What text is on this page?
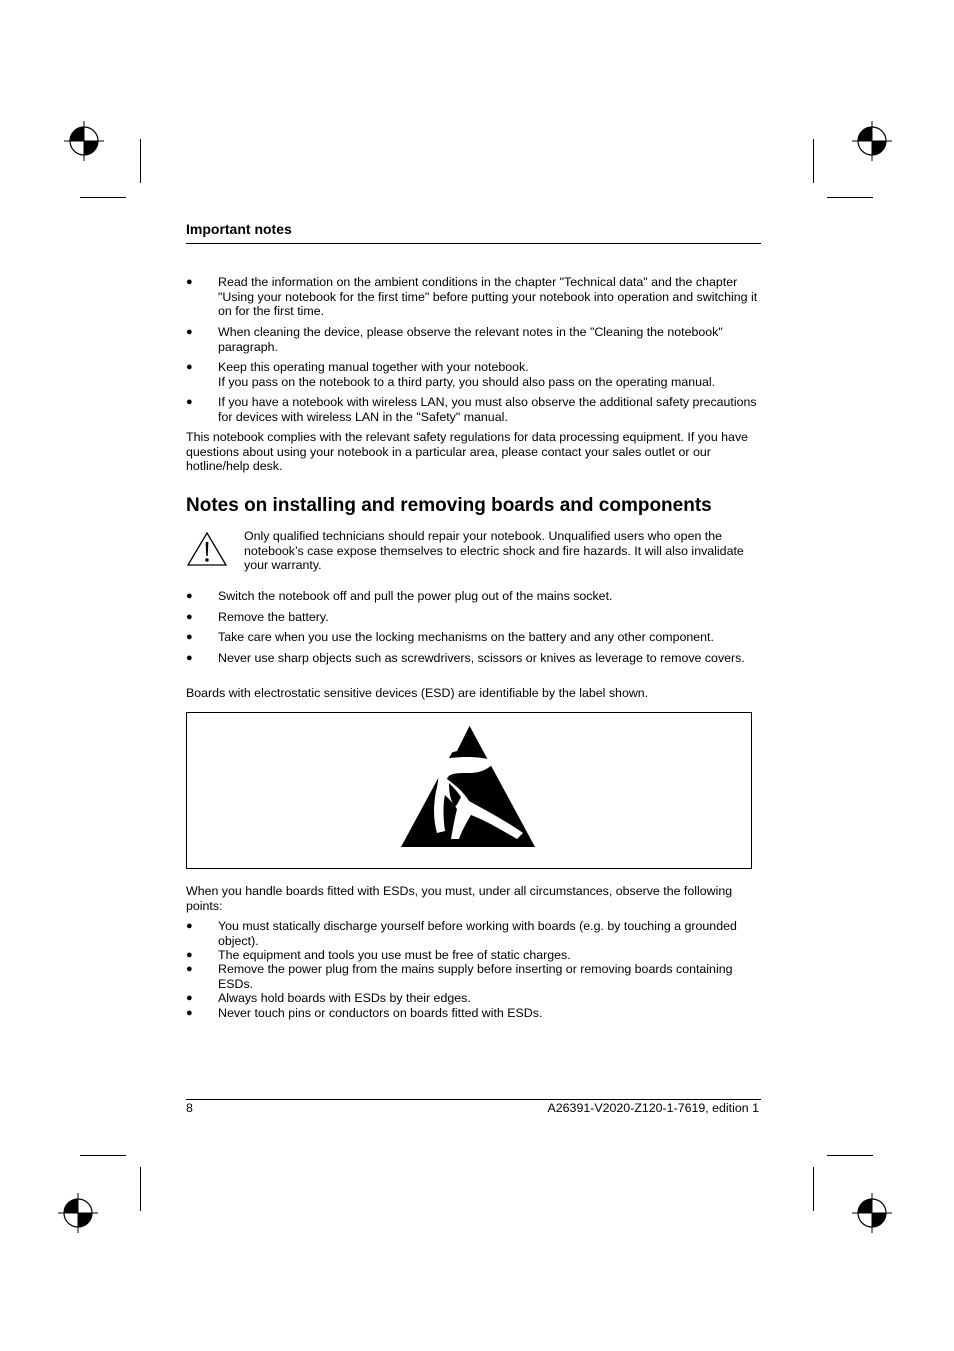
Important notes
● Read the information on the ambient conditions in the chapter "Technical data" and the chapter "Using your notebook for the first time" before putting your notebook into operation and switching it on for the first time.
● When cleaning the device, please observe the relevant notes in the "Cleaning the notebook" paragraph.
● Keep this operating manual together with your notebook.
If you pass on the notebook to a third party, you should also pass on the operating manual.
● If you have a notebook with wireless LAN, you must also observe the additional safety precautions for devices with wireless LAN in the "Safety" manual.
This notebook complies with the relevant safety regulations for data processing equipment. If you have questions about using your notebook in a particular area, please contact your sales outlet or our hotline/help desk.
Notes on installing and removing boards and components
Only qualified technicians should repair your notebook. Unqualified users who open the notebook’s case expose themselves to electric shock and fire hazards. It will also invalidate your warranty.
● Switch the notebook off and pull the power plug out of the mains socket.
● Remove the battery.
● Take care when you use the locking mechanisms on the battery and any other component.
● Never use sharp objects such as screwdrivers, scissors or knives as leverage to remove covers.
Boards with electrostatic sensitive devices (ESD) are identifiable by the label shown.
When you handle boards fitted with ESDs, you must, under all circumstances, observe the following points:
● You must statically discharge yourself before working with boards (e.g. by touching a grounded object).
● The equipment and tools you use must be free of static charges.
● Remove the power plug from the mains supply before inserting or removing boards containing ESDs.
● Always hold boards with ESDs by their edges.
● Never touch pins or conductors on boards fitted with ESDs.
8	A26391-V2020-Z120-1-7619, edition 1
